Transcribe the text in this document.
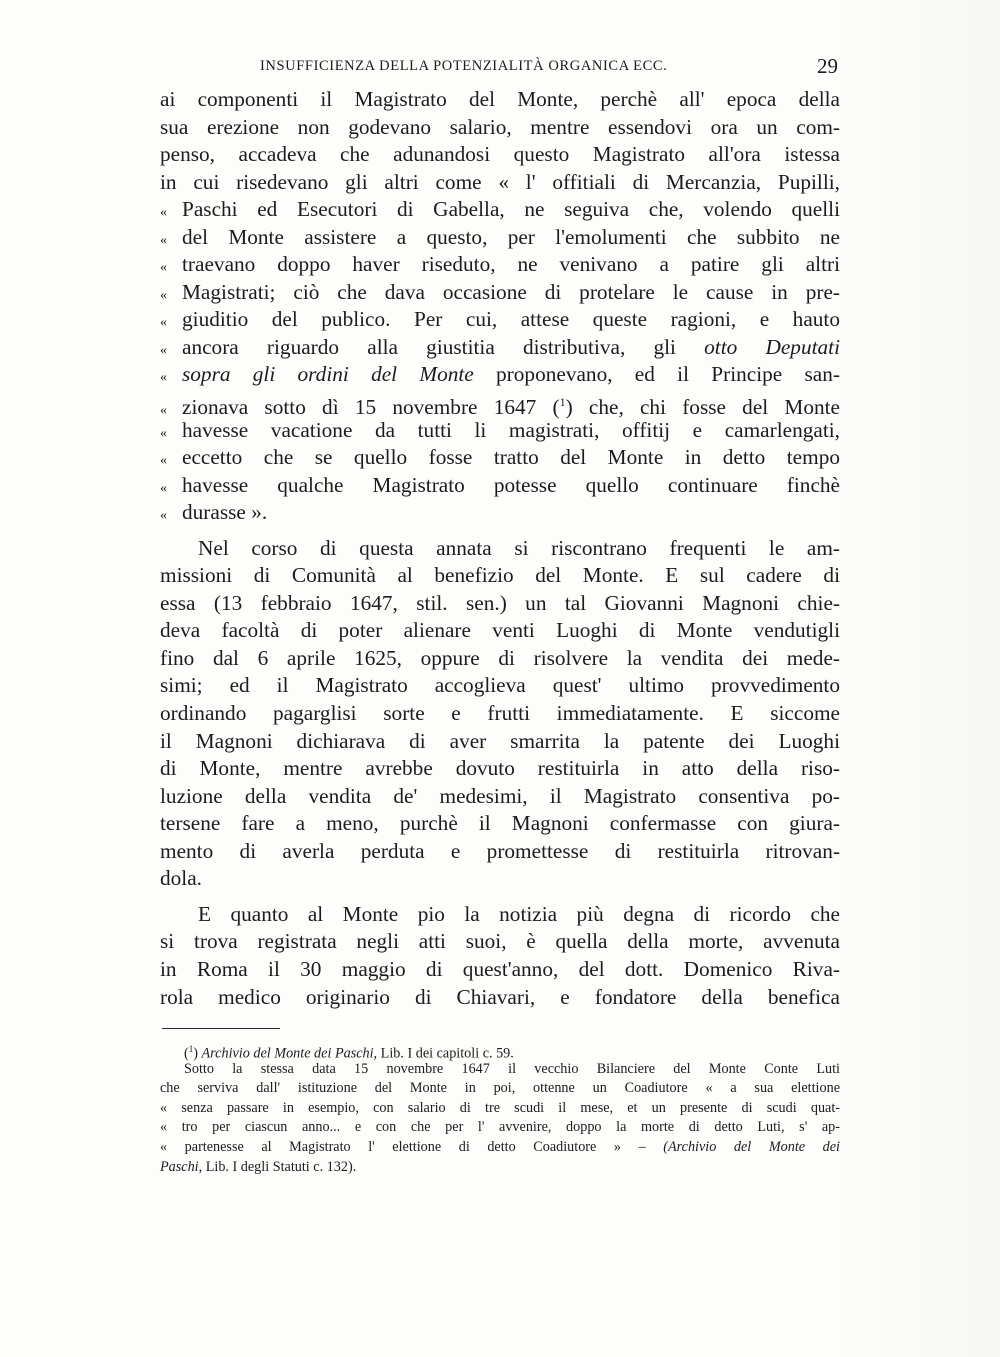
INSUFFICIENZA DELLA POTENZIALITÀ ORGANICA ECC.	29
ai componenti il Magistrato del Monte, perchè all' epoca della
sua erezione non godevano salario, mentre essendovi ora un com-
penso, accadeva che adunandosi questo Magistrato all'ora istessa
in cui risedevano gli altri come « l' offitiali di Mercanzia, Pupilli,
« Paschi ed Esecutori di Gabella, ne seguiva che, volendo quelli
« del Monte assistere a questo, per l'emolumenti che subbito ne
« traevano doppo haver riseduto, ne venivano a patire gli altri
« Magistrati; ciò che dava occasione di protelare le cause in pre-
« giuditio del publico. Per cui, attese queste ragioni, e hauto
« ancora riguardo alla giustitia distributiva, gli otto Deputati
« sopra gli ordini del Monte proponevano, ed il Principe san-
« zionava sotto dì 15 novembre 1647 ($^1$) che, chi fosse del Monte
« havesse vacatione da tutti li magistrati, offitij e camarlengati,
« eccetto che se quello fosse tratto del Monte in detto tempo
« havesse qualche Magistrato potesse quello continuare finchè
« durasse ».
Nel corso di questa annata si riscontrano frequenti le am-
missioni di Comunità al benefizio del Monte. E sul cadere di
essa (13 febbraio 1647, stil. sen.) un tal Giovanni Magnoni chie-
deva facoltà di poter alienare venti Luoghi di Monte vendutigli
fino dal 6 aprile 1625, oppure di risolvere la vendita dei mede-
simi; ed il Magistrato accoglieva quest' ultimo provvedimento
ordinando pagarglisi sorte e frutti immediatamente. E siccome
il Magnoni dichiarava di aver smarrita la patente dei Luoghi
di Monte, mentre avrebbe dovuto restituirla in atto della riso-
luzione della vendita de' medesimi, il Magistrato consentiva po-
tersene fare a meno, purchè il Magnoni confermasse con giura-
mento di averla perduta e promettesse di restituirla ritrovan-
dola.
E quanto al Monte pio la notizia più degna di ricordo che
si trova registrata negli atti suoi, è quella della morte, avvenuta
in Roma il 30 maggio di quest'anno, del dott. Domenico Riva-
rola medico originario di Chiavari, e fondatore della benefica
($^1$) Archivio del Monte dei Paschi, Lib. I dei capitoli c. 59.
Sotto la stessa data 15 novembre 1647 il vecchio Bilanciere del Monte Conte Luti
che serviva dall' istituzione del Monte in poi, ottenne un Coadiutore « a sua elettione
« senza passare in esempio, con salario di tre scudi il mese, et un presente di scudi quat-
« tro per ciascun anno... e con che per l' avvenire, doppo la morte di detto Luti, s' ap-
« partenesse al Magistrato l' elettione di detto Coadiutore » – (Archivio del Monte dei
Paschi, Lib. I degli Statuti c. 132).
